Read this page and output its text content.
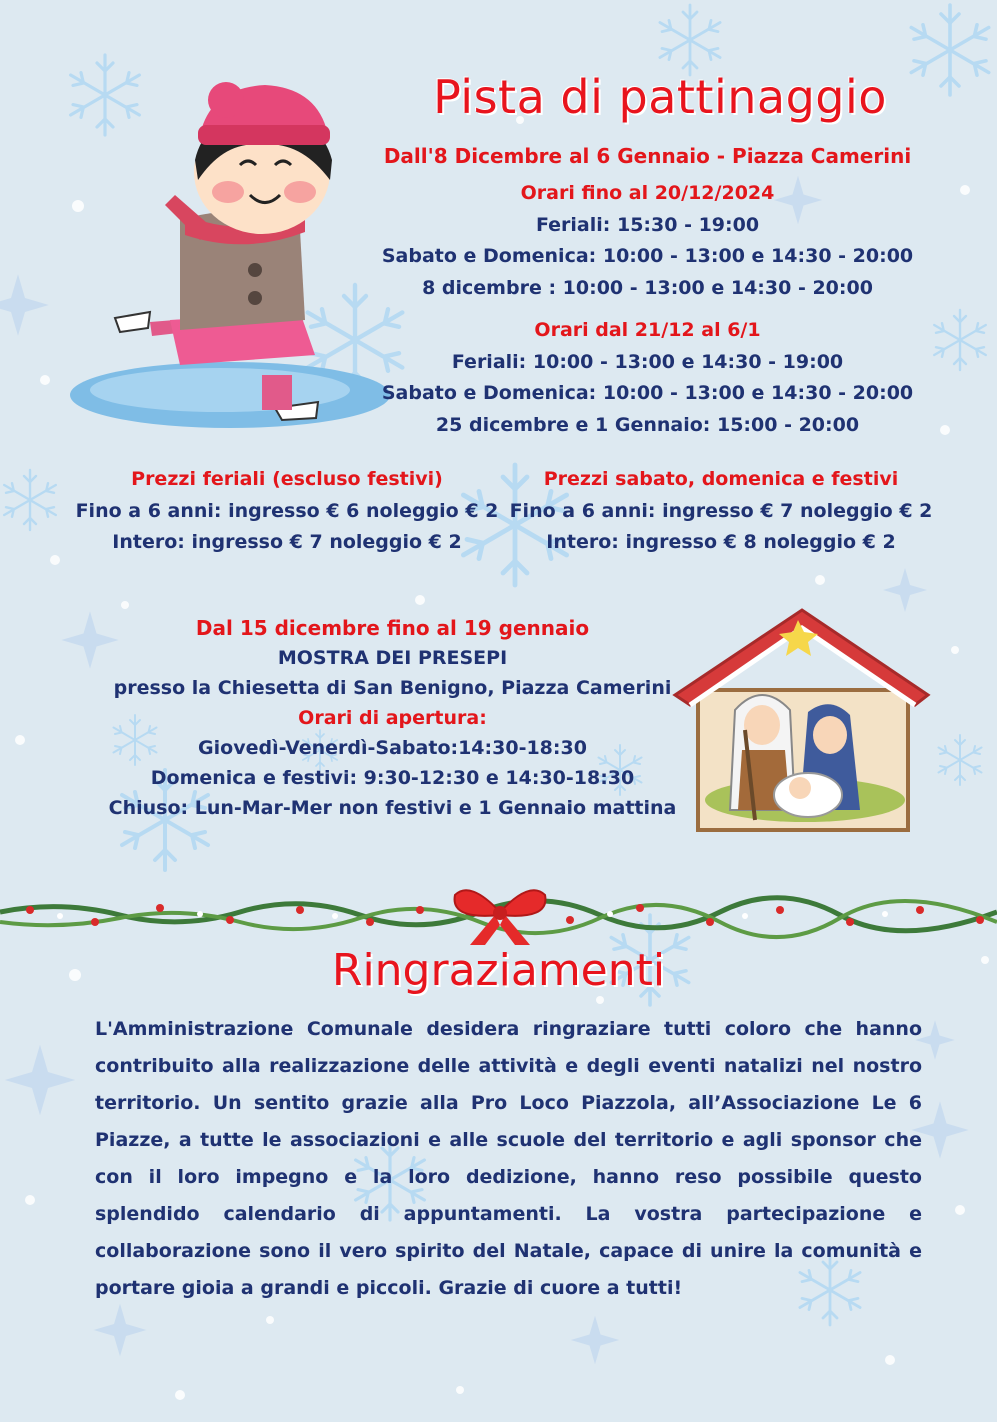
Pista di pattinaggio
Dall'8 Dicembre al 6 Gennaio - Piazza Camerini
Orari fino al 20/12/2024
Feriali: 15:30 - 19:00
Sabato e Domenica: 10:00 - 13:00 e 14:30 - 20:00
8 dicembre : 10:00 - 13:00 e 14:30 - 20:00
Orari dal 21/12 al 6/1
Feriali: 10:00 - 13:00 e 14:30 - 19:00
Sabato e Domenica: 10:00 - 13:00 e 14:30 - 20:00
25 dicembre e 1 Gennaio: 15:00 - 20:00
Prezzi feriali (escluso festivi)
Fino a 6 anni: ingresso € 6 noleggio € 2
Intero: ingresso € 7 noleggio € 2
Prezzi sabato, domenica e festivi
Fino a 6 anni: ingresso € 7 noleggio € 2
Intero: ingresso € 8 noleggio € 2
Dal 15 dicembre fino al 19 gennaio
MOSTRA DEI PRESEPI
presso la Chiesetta di San Benigno, Piazza Camerini
Orari di apertura:
Giovedì-Venerdì-Sabato:14:30-18:30
Domenica e festivi: 9:30-12:30 e 14:30-18:30
Chiuso: Lun-Mar-Mer non festivi e 1 Gennaio mattina
Ringraziamenti
L'Amministrazione Comunale desidera ringraziare tutti coloro che hanno contribuito alla realizzazione delle attività e degli eventi natalizi nel nostro territorio. Un sentito grazie alla Pro Loco Piazzola, all’Associazione Le 6 Piazze, a tutte le associazioni e alle scuole del territorio e agli sponsor che con il loro impegno e la loro dedizione, hanno reso possibile questo splendido calendario di appuntamenti. La vostra partecipazione e collaborazione sono il vero spirito del Natale, capace di unire la comunità e portare gioia a grandi e piccoli. Grazie di cuore a tutti!
